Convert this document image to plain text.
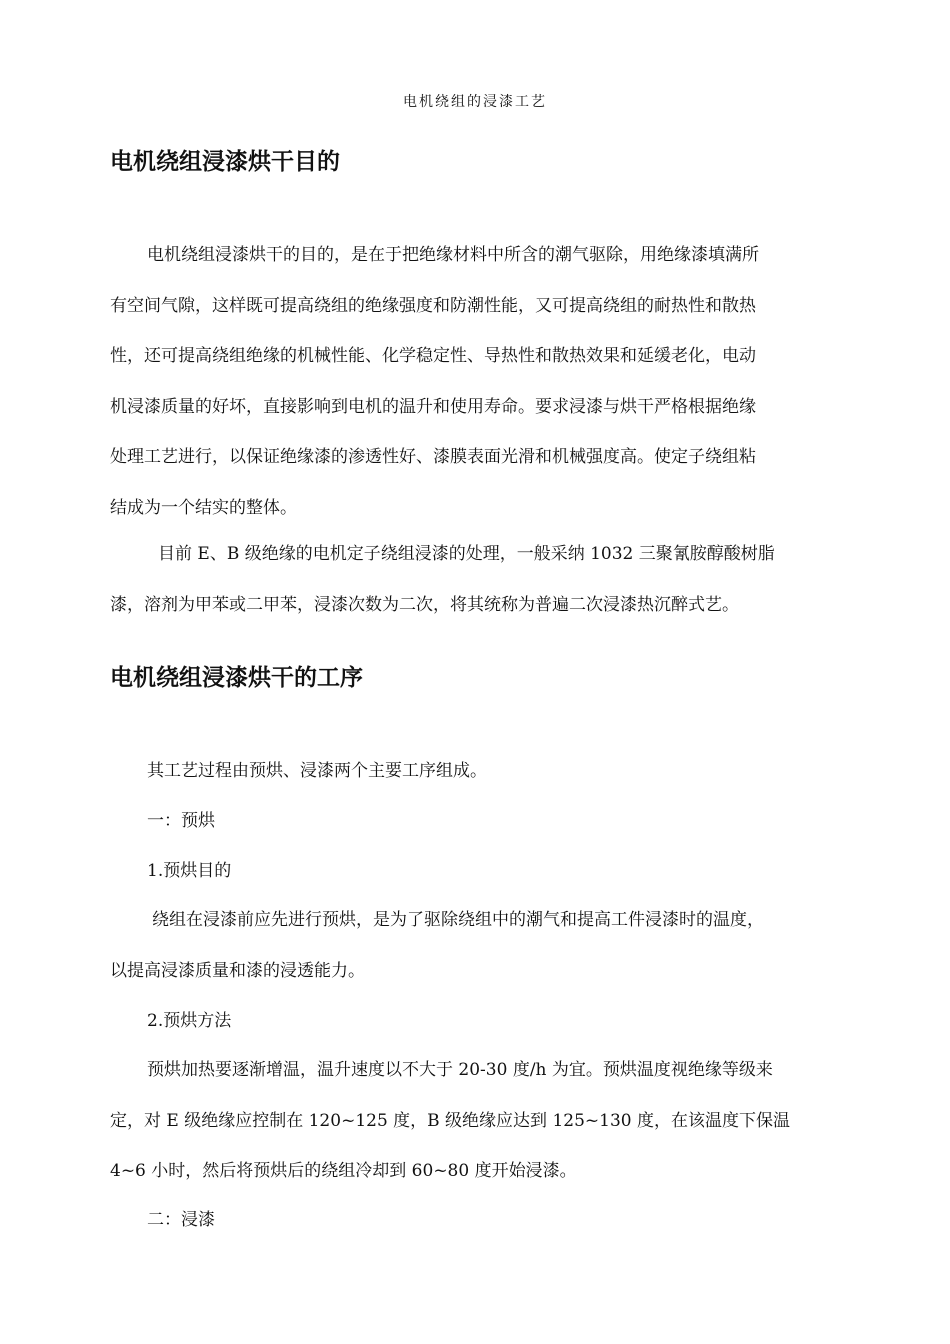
电机绕组的浸漆工艺
电机绕组浸漆烘干目的
电机绕组浸漆烘干的目的，是在于把绝缘材料中所含的潮气驱除，用绝缘漆填满所
有空间气隙，这样既可提高绕组的绝缘强度和防潮性能，又可提高绕组的耐热性和散热
性，还可提高绕组绝缘的机械性能、化学稳定性、导热性和散热效果和延缓老化，电动
机浸漆质量的好坏，直接影响到电机的温升和使用寿命。要求浸漆与烘干严格根据绝缘
处理工艺进行，以保证绝缘漆的渗透性好、漆膜表面光滑和机械强度高。使定子绕组粘
结成为一个结实的整体。
目前 E、B 级绝缘的电机定子绕组浸漆的处理，一般采纳 1032 三聚氰胺醇酸树脂
漆，溶剂为甲苯或二甲苯，浸漆次数为二次，将其统称为普遍二次浸漆热沉醉式艺。
电机绕组浸漆烘干的工序
其工艺过程由预烘、浸漆两个主要工序组成。
一：预烘
1.预烘目的
绕组在浸漆前应先进行预烘，是为了驱除绕组中的潮气和提高工件浸漆时的温度，
以提高浸漆质量和漆的浸透能力。
2.预烘方法
预烘加热要逐渐增温，温升速度以不大于 20-30 度/h 为宜。预烘温度视绝缘等级来
定，对 E 级绝缘应控制在 120~125 度，B 级绝缘应达到 125~130 度，在该温度下保温
4~6 小时，然后将预烘后的绕组冷却到 60~80 度开始浸漆。
二：浸漆
